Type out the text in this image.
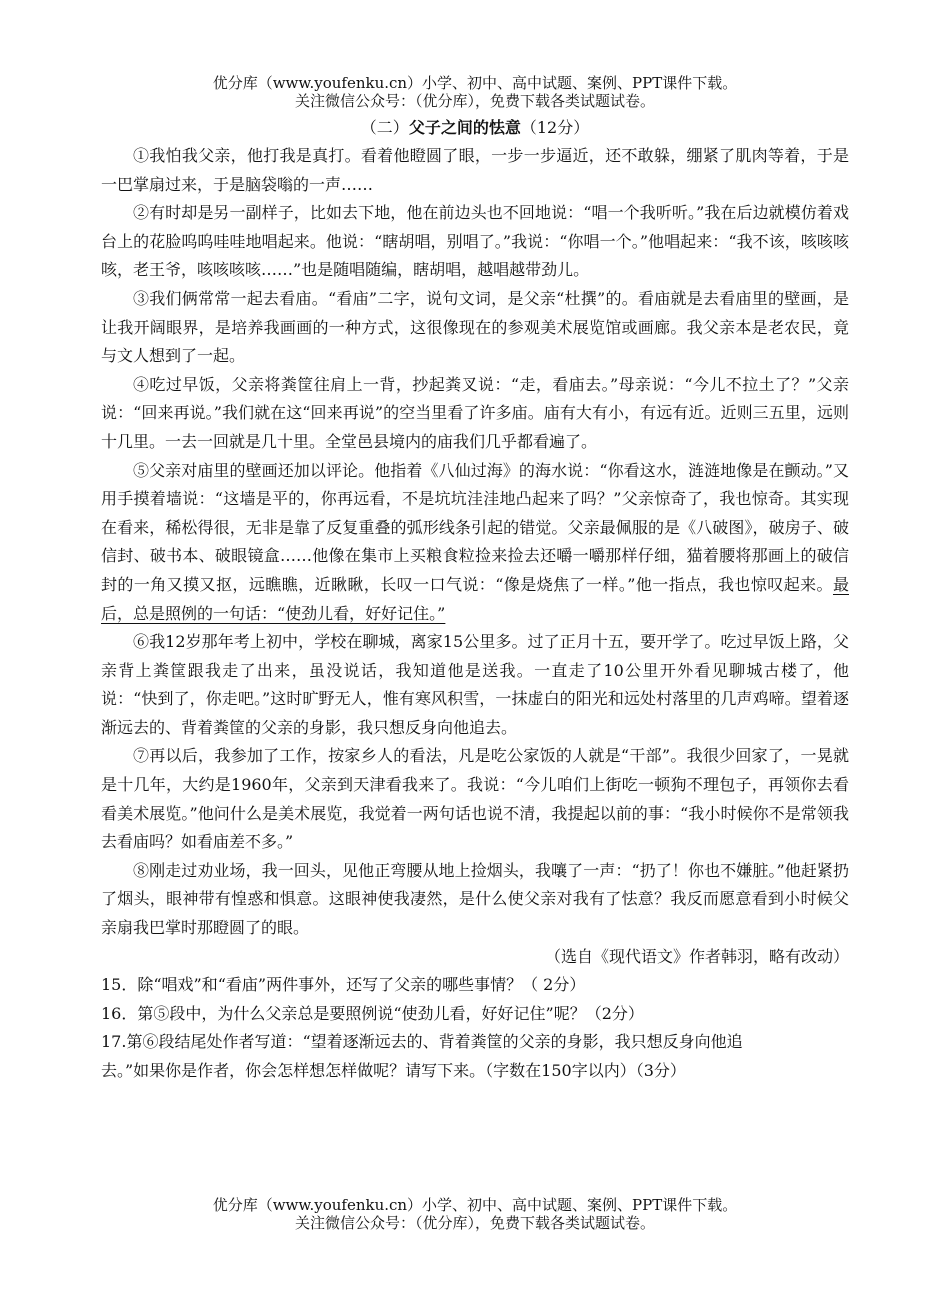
优分库（www.youfenku.cn）小学、初中、高中试题、案例、PPT课件下载。
关注微信公众号：（优分库），免费下载各类试题试卷。
（二）父子之间的怯意（12分）

①我怕我父亲，他打我是真打。看着他瞪圆了眼，一步一步逼近，还不敢躲，绷紧了肌肉等着，于是一巴掌扇过来，于是脑袋嗡的一声……

②有时却是另一副样子，比如去下地，他在前边头也不回地说：“唱一个我听听。”我在后边就模仿着戏台上的花脸呜呜哇哇地唱起来。他说：“瞎胡唱，别唱了。”我说：“你唱一个。”他唱起来：“我不该，咳咳咳咳，老王爷，咳咳咳咳……”也是随唱随编，瞎胡唱，越唱越带劲儿。

③我们俩常常一起去看庙。“看庙”二字，说句文词，是父亲“杜撰”的。看庙就是去看庙里的壁画，是让我开阔眼界，是培养我画画的一种方式，这很像现在的参观美术展览馆或画廊。我父亲本是老农民，竟与文人想到了一起。

④吃过早饭，父亲将粪筐往肩上一背，抄起粪叉说：“走，看庙去。”母亲说：“今儿不拉土了？”父亲说：“回来再说。”我们就在这“回来再说”的空当里看了许多庙。庙有大有小，有远有近。近则三五里，远则十几里。一去一回就是几十里。全堂邑县境内的庙我们几乎都看遍了。

⑤父亲对庙里的壁画还加以评论。他指着《八仙过海》的海水说：“你看这水，涟涟地像是在颤动。”又用手摸着墙说：“这墙是平的，你再远看，不是坑坑洼洼地凸起来了吗？”父亲惊奇了，我也惊奇。其实现在看来，稀松得很，无非是靠了反复重叠的弧形线条引起的错觉。父亲最佩服的是《八破图》，破房子、破信封、破书本、破眼镜盒……他像在集市上买粮食粒捡来捡去还嚼一嚼那样仔细，猫着腰将那画上的破信封的一角又摸又抠，远瞧瞧，近瞅瞅，长叹一口气说：“像是烧焦了一样。”他一指点，我也惊叹起来。最后，总是照例的一句话：“使劲儿看，好好记住。”

⑥我12岁那年考上初中，学校在聊城，离家15公里多。过了正月十五，要开学了。吃过早饭上路，父亲背上粪筐跟我走了出来，虽没说话，我知道他是送我。一直走了10公里开外看见聊城古楼了，他说：“快到了，你走吧。”这时旷野无人，惟有寒风积雪，一抹虚白的阳光和远处村落里的几声鸡啼。望着逐渐远去的、背着粪筐的父亲的身影，我只想反身向他追去。

⑦再以后，我参加了工作，按家乡人的看法，凡是吃公家饭的人就是“干部”。我很少回家了，一晃就是十几年，大约是1960年，父亲到天津看我来了。我说：“今儿咱们上街吃一顿狗不理包子，再领你去看看美术展览。”他问什么是美术展览，我觉着一两句话也说不清，我提起以前的事：“我小时候你不是常领我去看庙吗？如看庙差不多。”

⑧刚走过劝业场，我一回头，见他正弯腰从地上捡烟头，我嚷了一声：“扔了！你也不嫌脏。”他赶紧扔了烟头，眼神带有惶惑和惧意。这眼神使我凄然，是什么使父亲对我有了怯意？我反而愿意看到小时候父亲扇我巴掌时那瞪圆了的眼。

（选自《现代语文》作者韩羽，略有改动）

15．除“唱戏”和“看庙”两件事外，还写了父亲的哪些事情？（ 2分）

16．第⑤段中，为什么父亲总是要照例说“使劲儿看，好好记住”呢？（2分）

17.第⑥段结尾处作者写道：“望着逐渐远去的、背着粪筐的父亲的身影，我只想反身向他追
去。”如果你是作者，你会怎样想怎样做呢？请写下来。（字数在150字以内）（3分）

优分库（www.youfenku.cn）小学、初中、高中试题、案例、PPT课件下载。
关注微信公众号：（优分库），免费下载各类试题试卷。
